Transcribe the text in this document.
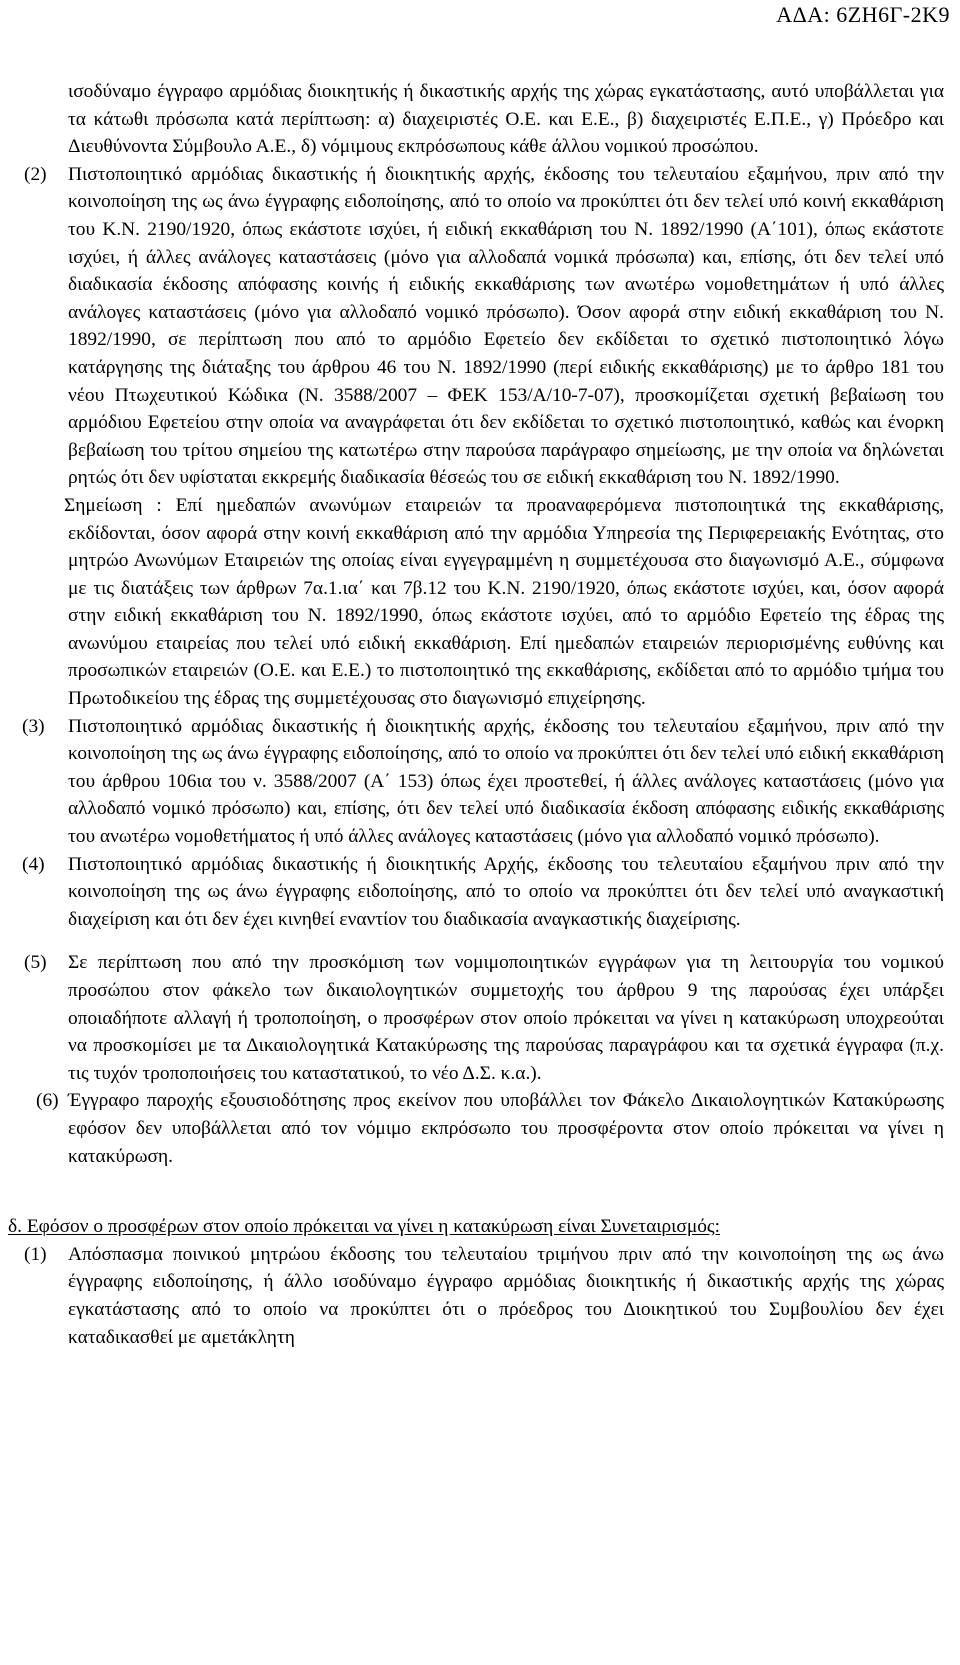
ΑΔΑ: 6ΖΗ6Γ-2Κ9

ισοδύναμο έγγραφο αρμόδιας διοικητικής ή δικαστικής αρχής της χώρας εγκατάστασης, αυτό υποβάλλεται για τα κάτωθι πρόσωπα κατά περίπτωση: α) διαχειριστές Ο.Ε. και Ε.Ε., β) διαχειριστές Ε.Π.Ε., γ) Πρόεδρο και Διευθύνοντα Σύμβουλο Α.Ε., δ) νόμιμους εκπρόσωπους κάθε άλλου νομικού προσώπου.

(2) Πιστοποιητικό αρμόδιας δικαστικής ή διοικητικής αρχής, έκδοσης του τελευταίου εξαμήνου, πριν από την κοινοποίηση της ως άνω έγγραφης ειδοποίησης, από το οποίο να προκύπτει ότι δεν τελεί υπό κοινή εκκαθάριση του Κ.Ν. 2190/1920, όπως εκάστοτε ισχύει, ή ειδική εκκαθάριση του Ν. 1892/1990 (Α΄101), όπως εκάστοτε ισχύει, ή άλλες ανάλογες καταστάσεις (μόνο για αλλοδαπά νομικά πρόσωπα) και, επίσης, ότι δεν τελεί υπό διαδικασία έκδοσης απόφασης κοινής ή ειδικής εκκαθάρισης των ανωτέρω νομοθετημάτων ή υπό άλλες ανάλογες καταστάσεις (μόνο για αλλοδαπό νομικό πρόσωπο). Όσον αφορά στην ειδική εκκαθάριση του Ν. 1892/1990, σε περίπτωση που από το αρμόδιο Εφετείο δεν εκδίδεται το σχετικό πιστοποιητικό λόγω κατάργησης της διάταξης του άρθρου 46 του Ν. 1892/1990 (περί ειδικής εκκαθάρισης) με το άρθρο 181 του νέου Πτωχευτικού Κώδικα (Ν. 3588/2007 – ΦΕΚ 153/Α/10-7-07), προσκομίζεται σχετική βεβαίωση του αρμόδιου Εφετείου στην οποία να αναγράφεται ότι δεν εκδίδεται το σχετικό πιστοποιητικό, καθώς και ένορκη βεβαίωση του τρίτου σημείου της κατωτέρω στην παρούσα παράγραφο σημείωσης, με την οποία να δηλώνεται ρητώς ότι δεν υφίσταται εκκρεμής διαδικασία θέσεώς του σε ειδική εκκαθάριση του Ν. 1892/1990.
Σημείωση : Επί ημεδαπών ανωνύμων εταιρειών τα προαναφερόμενα πιστοποιητικά της εκκαθάρισης, εκδίδονται, όσον αφορά στην κοινή εκκαθάριση από την αρμόδια Υπηρεσία της Περιφερειακής Ενότητας, στο μητρώο Ανωνύμων Εταιρειών της οποίας είναι εγγεγραμμένη η συμμετέχουσα στο διαγωνισμό Α.Ε., σύμφωνα με τις διατάξεις των άρθρων 7α.1.ια΄ και 7β.12 του Κ.Ν. 2190/1920, όπως εκάστοτε ισχύει, και, όσον αφορά στην ειδική εκκαθάριση του Ν. 1892/1990, όπως εκάστοτε ισχύει, από το αρμόδιο Εφετείο της έδρας της ανωνύμου εταιρείας που τελεί υπό ειδική εκκαθάριση. Επί ημεδαπών εταιρειών περιορισμένης ευθύνης και προσωπικών εταιρειών (Ο.Ε. και Ε.Ε.) το πιστοποιητικό της εκκαθάρισης, εκδίδεται από το αρμόδιο τμήμα του Πρωτοδικείου της έδρας της συμμετέχουσας στο διαγωνισμό επιχείρησης.
(3) Πιστοποιητικό αρμόδιας δικαστικής ή διοικητικής αρχής, έκδοσης του τελευταίου εξαμήνου, πριν από την κοινοποίηση της ως άνω έγγραφης ειδοποίησης, από το οποίο να προκύπτει ότι δεν τελεί υπό ειδική εκκαθάριση του άρθρου 106ια του ν. 3588/2007 (Α΄ 153) όπως έχει προστεθεί, ή άλλες ανάλογες καταστάσεις (μόνο για αλλοδαπό νομικό πρόσωπο) και, επίσης, ότι δεν τελεί υπό διαδικασία έκδοση απόφασης ειδικής εκκαθάρισης του ανωτέρω νομοθετήματος ή υπό άλλες ανάλογες καταστάσεις (μόνο για αλλοδαπό νομικό πρόσωπο).
(4) Πιστοποιητικό αρμόδιας δικαστικής ή διοικητικής Αρχής, έκδοσης του τελευταίου εξαμήνου πριν από την κοινοποίηση της ως άνω έγγραφης ειδοποίησης, από το οποίο να προκύπτει ότι δεν τελεί υπό αναγκαστική διαχείριση και ότι δεν έχει κινηθεί εναντίον του διαδικασία αναγκαστικής διαχείρισης.
(5) Σε περίπτωση που από την προσκόμιση των νομιμοποιητικών εγγράφων για τη λειτουργία του νομικού προσώπου στον φάκελο των δικαιολογητικών συμμετοχής του άρθρου 9 της παρούσας έχει υπάρξει οποιαδήποτε αλλαγή ή τροποποίηση, ο προσφέρων στον οποίο πρόκειται να γίνει η κατακύρωση υποχρεούται να προσκομίσει με τα Δικαιολογητικά Κατακύρωσης της παρούσας παραγράφου και τα σχετικά έγγραφα (π.χ. τις τυχόν τροποποιήσεις του καταστατικού, το νέο Δ.Σ. κ.α.).
(6) Έγγραφο παροχής εξουσιοδότησης προς εκείνον που υποβάλλει τον Φάκελο Δικαιολογητικών Κατακύρωσης εφόσον δεν υποβάλλεται από τον νόμιμο εκπρόσωπο του προσφέροντα στον οποίο πρόκειται να γίνει η κατακύρωση.

δ. Εφόσον ο προσφέρων στον οποίο πρόκειται να γίνει η κατακύρωση είναι Συνεταιρισμός:

(1) Απόσπασμα ποινικού μητρώου έκδοσης του τελευταίου τριμήνου πριν από την κοινοποίηση της ως άνω έγγραφης ειδοποίησης, ή άλλο ισοδύναμο έγγραφο αρμόδιας διοικητικής ή δικαστικής αρχής της χώρας εγκατάστασης από το οποίο να προκύπτει ότι ο πρόεδρος του Διοικητικού του Συμβουλίου δεν έχει καταδικασθεί με αμετάκλητη
